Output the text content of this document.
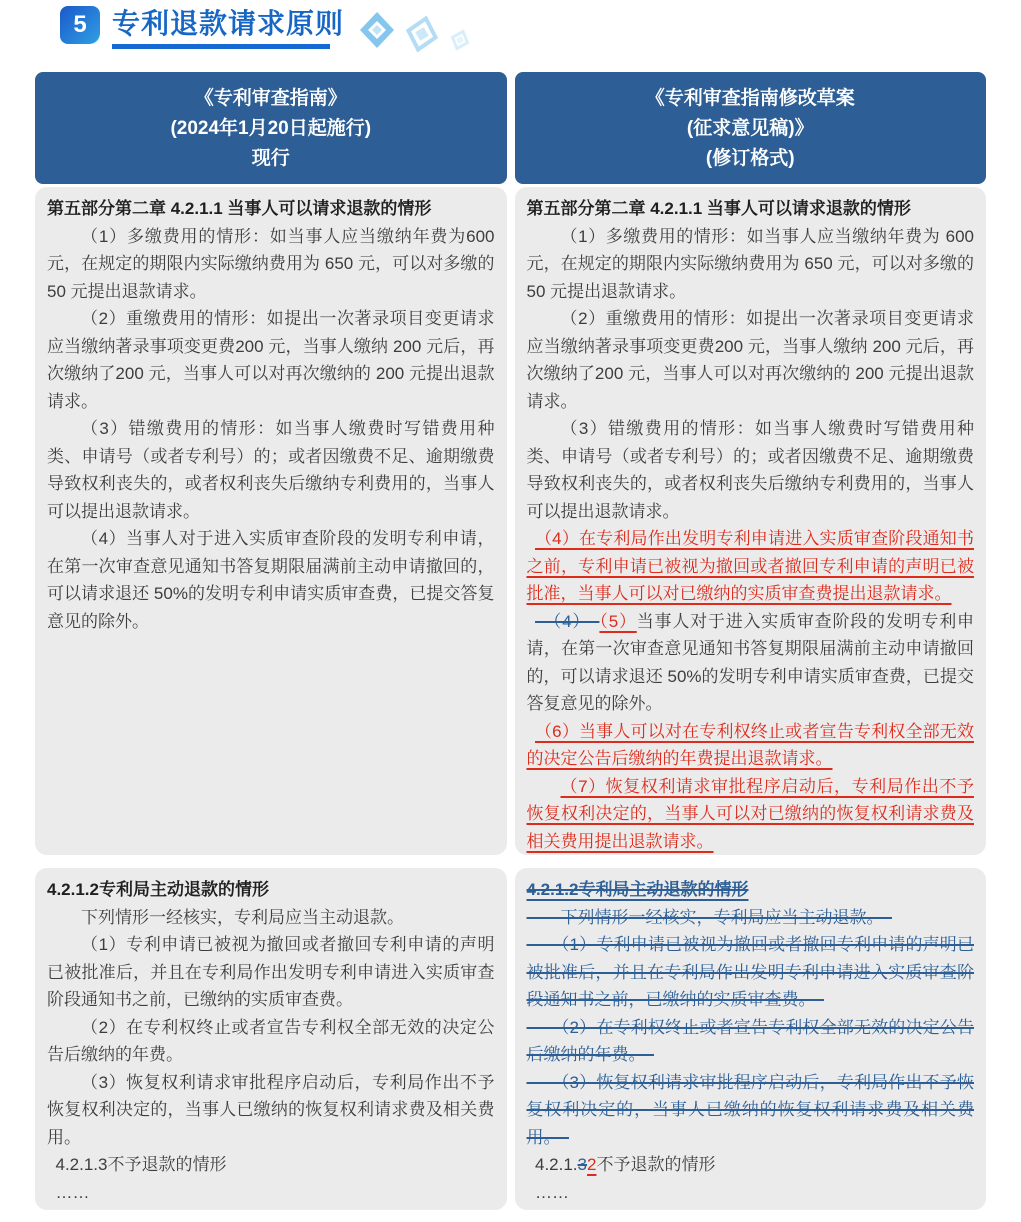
5 专利退款请求原则
《专利审查指南》
(2024年1月20日起施行)
现行
《专利审查指南修改草案
(征求意见稿)》
(修订格式)

第五部分第二章 4.2.1.1 当事人可以请求退款的情形

（1）多缴费用的情形：如当事人应当缴纳年费为600元，在规定的期限内实际缴纳费用为 650 元，可以对多缴的 50 元提出退款请求。

（2）重缴费用的情形：如提出一次著录项目变更请求应当缴纳著录事项变更费200 元，当事人缴纳 200 元后，再次缴纳了200 元，当事人可以对再次缴纳的 200 元提出退款请求。

（3）错缴费用的情形：如当事人缴费时写错费用种类、申请号（或者专利号）的；或者因缴费不足、逾期缴费导致权利丧失的，或者权利丧失后缴纳专利费用的，当事人可以提出退款请求。

（4）当事人对于进入实质审查阶段的发明专利申请，在第一次审查意见通知书答复期限届满前主动申请撤回的，可以请求退还 50%的发明专利申请实质审查费，已提交答复意见的除外。

第五部分第二章 4.2.1.1 当事人可以请求退款的情形

（1）多缴费用的情形：如当事人应当缴纳年费为 600 元，在规定的期限内实际缴纳费用为 650 元，可以对多缴的 50 元提出退款请求。

（2）重缴费用的情形：如提出一次著录项目变更请求应当缴纳著录事项变更费200 元，当事人缴纳 200 元后，再次缴纳了200 元，当事人可以对再次缴纳的 200 元提出退款请求。

（3）错缴费用的情形：如当事人缴费时写错费用种类、申请号（或者专利号）的；或者因缴费不足、逾期缴费导致权利丧失的，或者权利丧失后缴纳专利费用的，当事人可以提出退款请求。

（4）在专利局作出发明专利申请进入实质审查阶段通知书之前，专利申请已被视为撤回或者撤回专利申请的声明已被批准，当事人可以对已缴纳的实质审查费提出退款请求。

　（4）　（5）当事人对于进入实质审查阶段的发明专利申请，在第一次审查意见通知书答复期限届满前主动申请撤回的，可以请求退还 50%的发明专利申请实质审查费，已提交答复意见的除外。

（6）当事人可以对在专利权终止或者宣告专利权全部无效的决定公告后缴纳的年费提出退款请求。

（7）恢复权利请求审批程序启动后，专利局作出不予恢复权利决定的，当事人可以对已缴纳的恢复权利请求费及相关费用提出退款请求。

4.2.1.2专利局主动退款的情形

下列情形一经核实，专利局应当主动退款。

（1）专利申请已被视为撤回或者撤回专利申请的声明已被批准后，并且在专利局作出发明专利申请进入实质审查阶段通知书之前，已缴纳的实质审查费。

（2）在专利权终止或者宣告专利权全部无效的决定公告后缴纳的年费。

（3）恢复权利请求审批程序启动后，专利局作出不予恢复权利决定的，当事人已缴纳的恢复权利请求费及相关费用。

4.2.1.3不予退款的情形

……

4.2.1.2专利局主动退款的情形

　　下列情形一经核实，专利局应当主动退款。　

　　（1）专利申请已被视为撤回或者撤回专利申请的声明已被批准后，并且在专利局作出发明专利申请进入实质审查阶段通知书之前，已缴纳的实质审查费。　

　　（2）在专利权终止或者宣告专利权全部无效的决定公告后缴纳的年费。　

　　（3）恢复权利请求审批程序启动后，专利局作出不予恢复权利决定的，当事人已缴纳的恢复权利请求费及相关费用。　

4.2.1.32不予退款的情形

……
